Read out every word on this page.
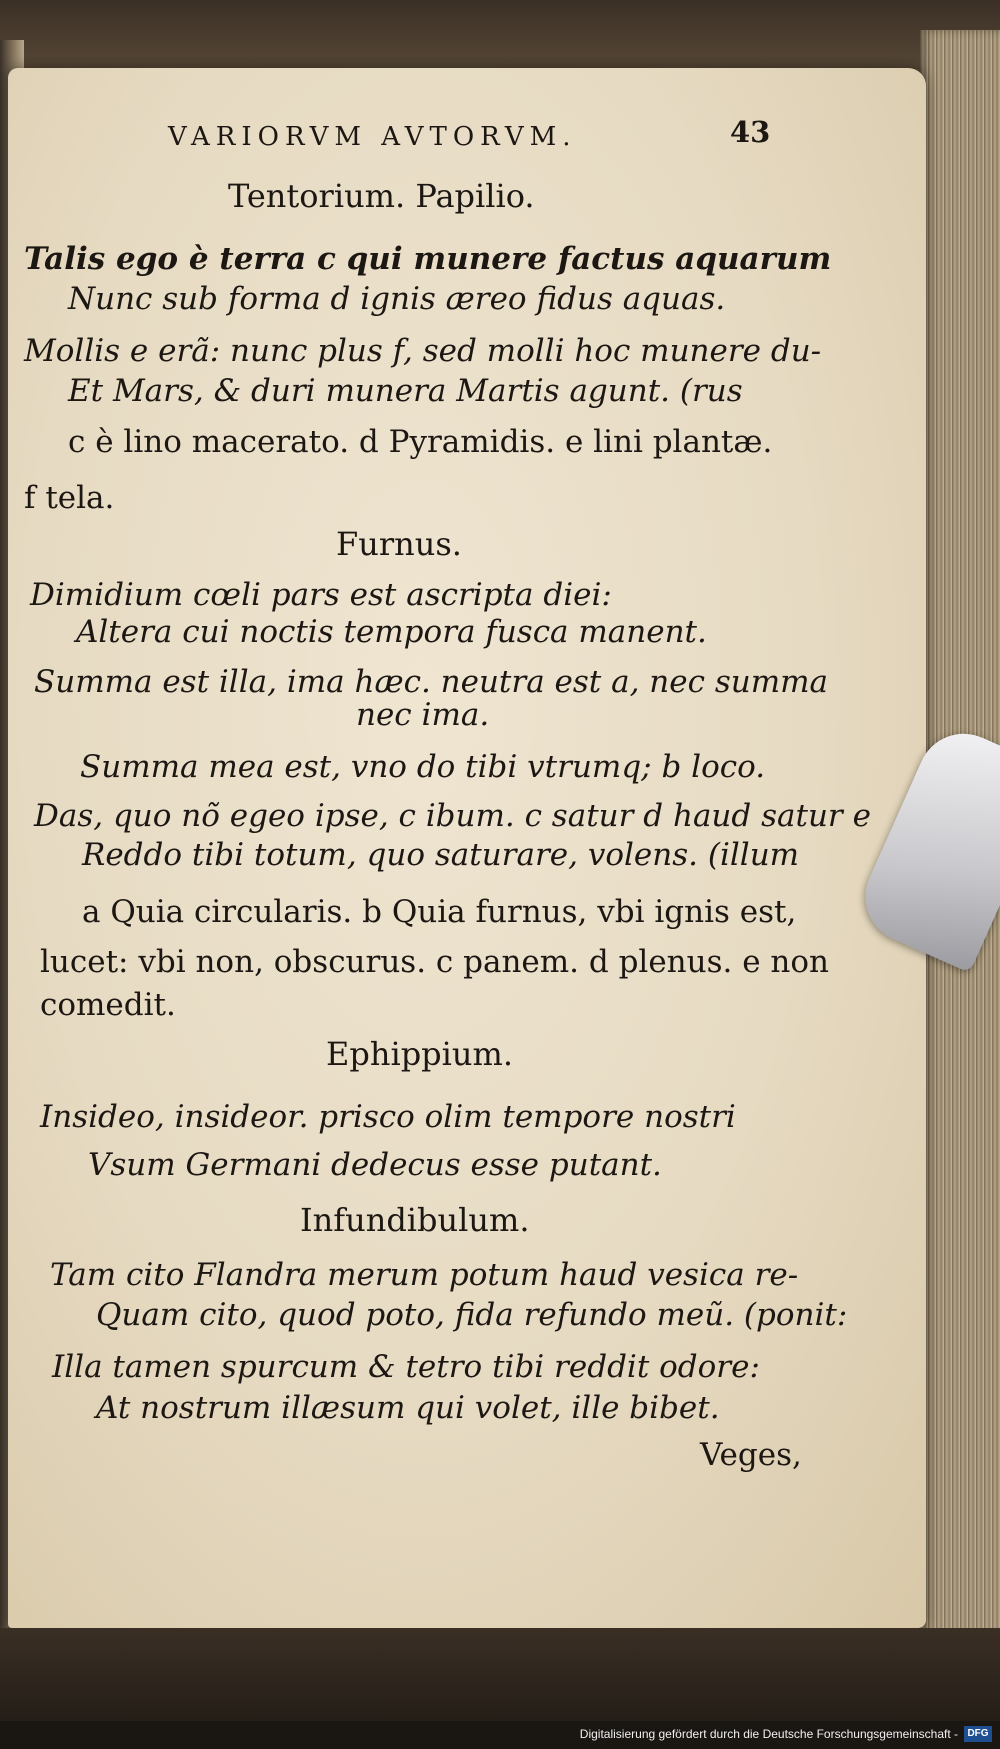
VARIORVM AVTORVM.	43
Tentorium. Papilio.
Talis ego è terra c qui munere factus aquarum
Nunc sub forma d ignis æreo fidus aquas.
Mollis e erã: nunc plus f, sed molli hoc munere du-
Et Mars, & duri munera Martis agunt. (rus
c è lino macerato. d Pyramidis. e lini plantæ.
f tela.
Furnus.
Dimidium cœli pars est ascripta diei:
Altera cui noctis tempora fusca manent.
Summa est illa, ima hæc. neutra est a, nec summa
nec ima.
Summa mea est, vno do tibi vtrumq; b loco.
Das, quo nõ egeo ipse, c ibum. c satur d haud satur e
Reddo tibi totum, quo saturare, volens. (illum
a Quia circularis. b Quia furnus, vbi ignis est,
lucet: vbi non, obscurus. c panem. d plenus. e non
comedit.
Ephippium.
Insideo, insideor. prisco olim tempore nostri
Vsum Germani dedecus esse putant.
Infundibulum.
Tam cito Flandra merum potum haud vesica re-
Quam cito, quod poto, fida refundo meũ. (ponit:
Illa tamen spurcum & tetro tibi reddit odore:
At nostrum illæsum qui volet, ille bibet.
Veges,
Digitalisierung gefördert durch die Deutsche Forschungsgemeinschaft - DFG
